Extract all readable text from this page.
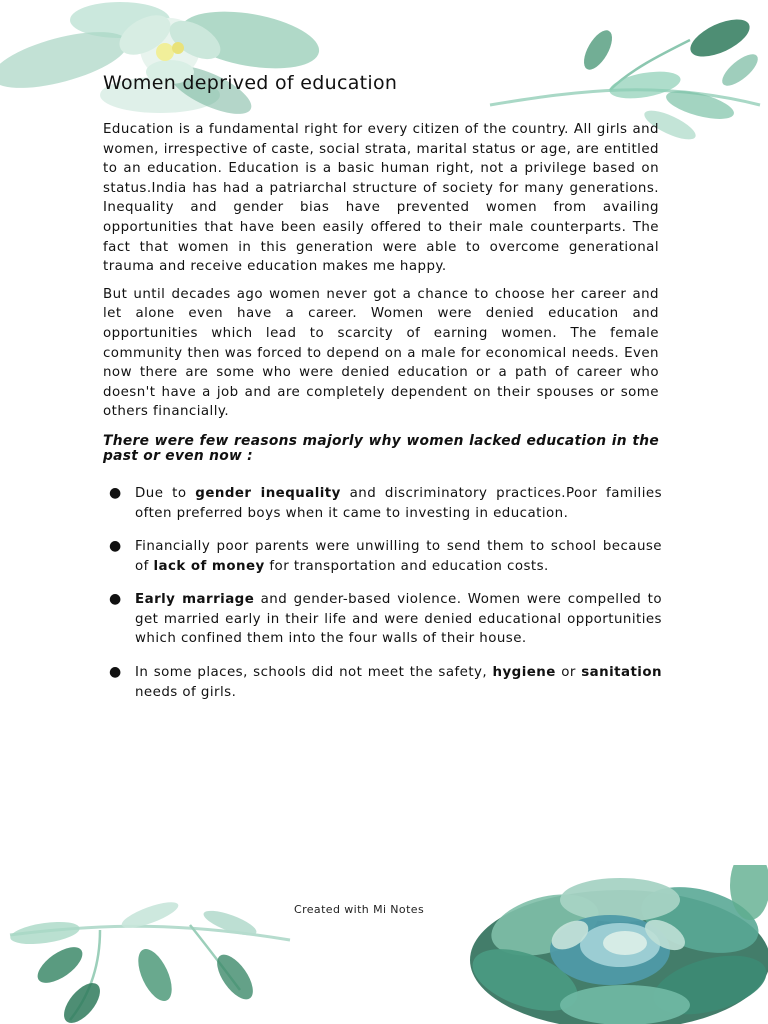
Women deprived of education

Education is a fundamental right for every citizen of the country. All girls and women, irrespective of caste, social strata, marital status or age, are entitled to an education. Education is a basic human right, not a privilege based on status.India has had a patriarchal structure of society for many generations. Inequality and gender bias have prevented women from availing opportunities that have been easily offered to their male counterparts. The fact that women in this generation were able to overcome generational trauma and receive education makes me happy.

But until decades ago women never got a chance to choose her career and let alone even have a career. Women were denied education and opportunities which lead to scarcity of earning women. The female community then was forced to depend on a male for economical needs. Even now there are some who were denied education or a path of career who doesn't have a job and are completely dependent on their spouses or some others financially.

There were few reasons majorly why women lacked education in the past or even now :
● Due to gender inequality and discriminatory practices.Poor families often preferred boys when it came to investing in education.
● Financially poor parents were unwilling to send them to school because of lack of money for transportation and education costs.
● Early marriage and gender-based violence. Women were compelled to get married early in their life and were denied educational opportunities which confined them into the four walls of their house.
● In some places, schools did not meet the safety, hygiene or sanitation needs of girls.
Created with Mi Notes
